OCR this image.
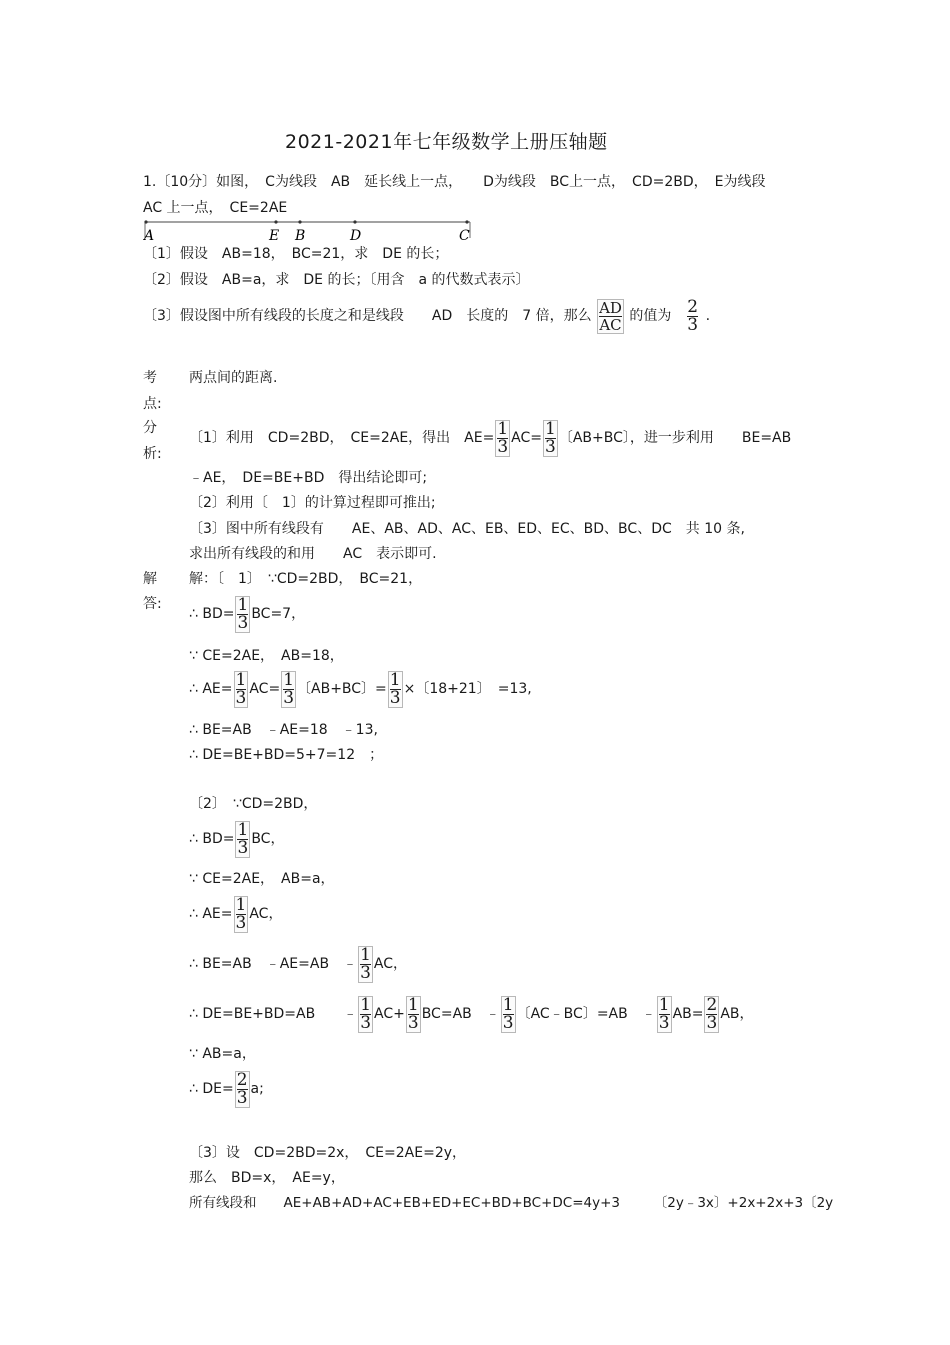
2021-2021年七年级数学上册压轴题
1.〔10分〕如图，　C为线段　AB　延长线上一点，　　D为线段　BC上一点，　CD=2BD，　E为线段
AC 上一点，　CE=2AE
A	E B	D	C
〔1〕假设　AB=18，　BC=21，求　DE 的长；
〔2〕假设　AB=a，求　DE 的长；〔用含　a 的代数式表示〕
〔3〕假设图中所有线段的长度之和是线段　　AD　长度的　7 倍，那么 $\frac{AD}{AC}$ 的值为 $\frac{2}{3}$ .
考
点:
两点间的距离.
分
析:
〔1〕利用　CD=2BD，　CE=2AE，得出　$AE= \frac{1}{3} AC= \frac{1}{3}$ 〔AB+BC〕，进一步利用　　BE=AB
﹣AE，　DE=BE+BD　得出结论即可;
〔2〕利用〔　1〕的计算过程即可推出;
〔3〕图中所有线段有　　AE、AB、AD、AC、EB、ED、EC、BD、BC、DC　共 10 条,
求出所有线段的和用　　AC　表示即可.
解
答:
解：〔　1〕　∵CD=2BD，　BC=21，
∴ $BD= \frac{1}{3} BC=7$，
∵ CE=2AE，　AB=18，
∴ $AE= \frac{1}{3} AC= \frac{1}{3}$ 〔AB+BC〕= $\frac{1}{3}$ ×〔18+21〕　=13,
∴ BE=AB　﹣AE=18　﹣13,
∴ DE=BE+BD=5+7=12　；
〔2〕　∵CD=2BD，
∴ $BD= \frac{1}{3}$ BC，
∵ CE=2AE，　AB=a，
∴ $AE= \frac{1}{3}$ AC，
∴ BE=AB　﹣AE=AB　﹣ $\frac{1}{3}$ AC，
∴ DE=BE+BD=AB　　﹣ $\frac{1}{3} AC+ \frac{1}{3} BC=AB$　﹣ $\frac{1}{3}$ 〔AC﹣BC〕=AB　﹣ $\frac{1}{3} AB= \frac{2}{3}$ AB，
∵ AB=a，
∴ $DE= \frac{2}{3} a$;
〔3〕设　CD=2BD=2x，　CE=2AE=2y，
那么　BD=x，　AE=y，
所有线段和　　AE+AB+AD+AC+EB+ED+EC+BD+BC+DC=4y+3　　　〔2y﹣3x〕+2x+2x+3〔2y
